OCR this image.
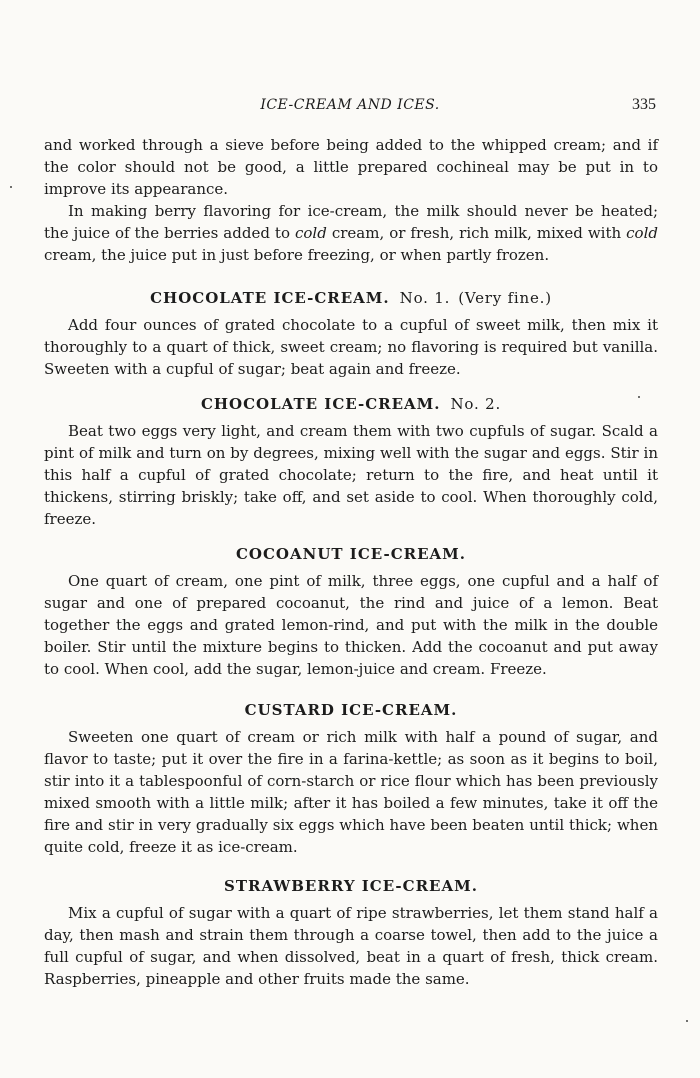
ICE-CREAM AND ICES.	335

and worked through a sieve before being added to the whipped cream; and if the color should not be good, a little prepared cochineal may be put in to improve its appearance.

In making berry flavoring for ice-cream, the milk should never be heated; the juice of the berries added to cold cream, or fresh, rich milk, mixed with cold cream, the juice put in just before freezing, or when partly frozen.

CHOCOLATE ICE-CREAM. No. 1. (Very fine.)

Add four ounces of grated chocolate to a cupful of sweet milk, then mix it thoroughly to a quart of thick, sweet cream; no flavoring is required but vanilla. Sweeten with a cupful of sugar; beat again and freeze.

CHOCOLATE ICE-CREAM. No. 2.

Beat two eggs very light, and cream them with two cupfuls of sugar. Scald a pint of milk and turn on by degrees, mixing well with the sugar and eggs. Stir in this half a cupful of grated chocolate; return to the fire, and heat until it thickens, stirring briskly; take off, and set aside to cool. When thoroughly cold, freeze.

COCOANUT ICE-CREAM.

One quart of cream, one pint of milk, three eggs, one cupful and a half of sugar and one of prepared cocoanut, the rind and juice of a lemon. Beat together the eggs and grated lemon-rind, and put with the milk in the double boiler. Stir until the mixture begins to thicken. Add the cocoanut and put away to cool. When cool, add the sugar, lemon-juice and cream. Freeze.

CUSTARD ICE-CREAM.

Sweeten one quart of cream or rich milk with half a pound of sugar, and flavor to taste; put it over the fire in a farina-kettle; as soon as it begins to boil, stir into it a tablespoonful of corn-starch or rice flour which has been previously mixed smooth with a little milk; after it has boiled a few minutes, take it off the fire and stir in very gradually six eggs which have been beaten until thick; when quite cold, freeze it as ice-cream.

STRAWBERRY ICE-CREAM.

Mix a cupful of sugar with a quart of ripe strawberries, let them stand half a day, then mash and strain them through a coarse towel, then add to the juice a full cupful of sugar, and when dissolved, beat in a quart of fresh, thick cream. Raspberries, pineapple and other fruits made the same.
